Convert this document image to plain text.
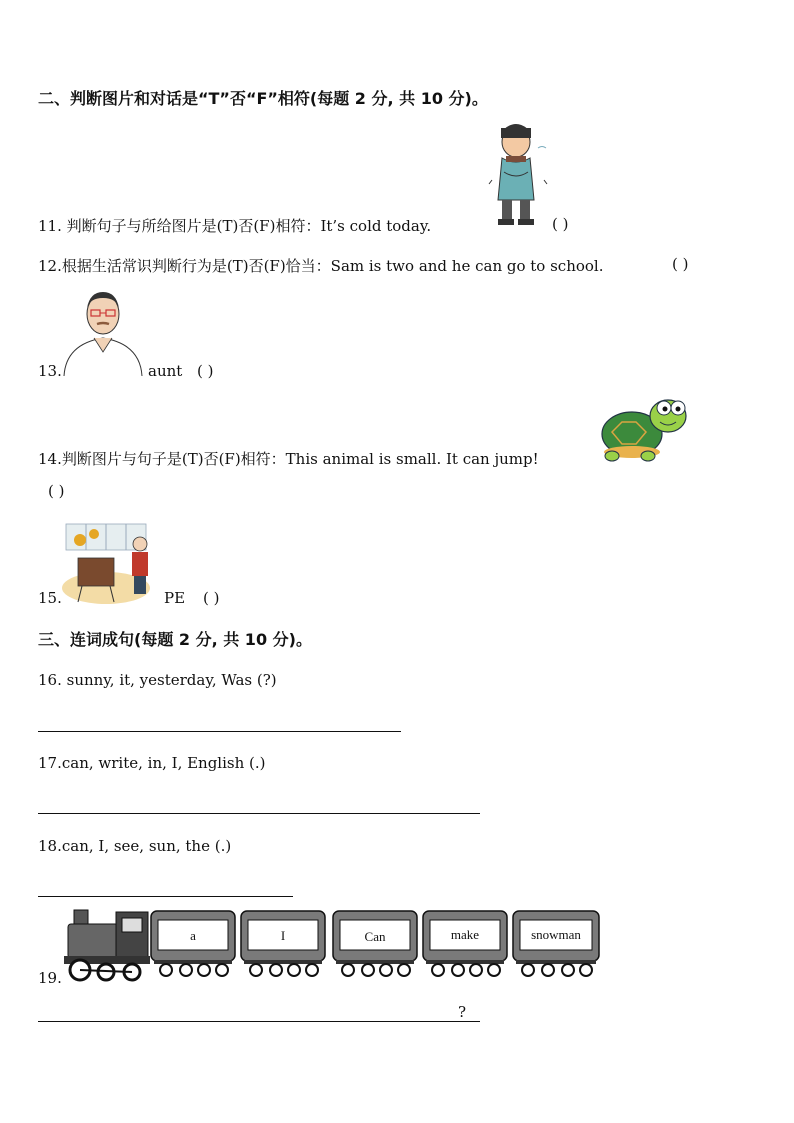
二、判断图片和对话是“T”否“F”相符(每题 2 分, 共 10 分)。
11. 判断句子与所给图片是(T)否(F)相符：It’s cold today.	( )
12.根据生活常识判断行为是(T)否(F)恰当：Sam is two and he can go to school.	( )
13.	aunt ( )
14.判断图片与句子是(T)否(F)相符：This animal is small. It can jump!
( )
15.	PE ( )
三、连词成句(每题 2 分, 共 10 分)。
16. sunny, it, yesterday, Was (?)
17.can, write, in, I, English (.)
18.can, I, see, sun, the (.)
a	I	Can	make	snowman
19.
?
